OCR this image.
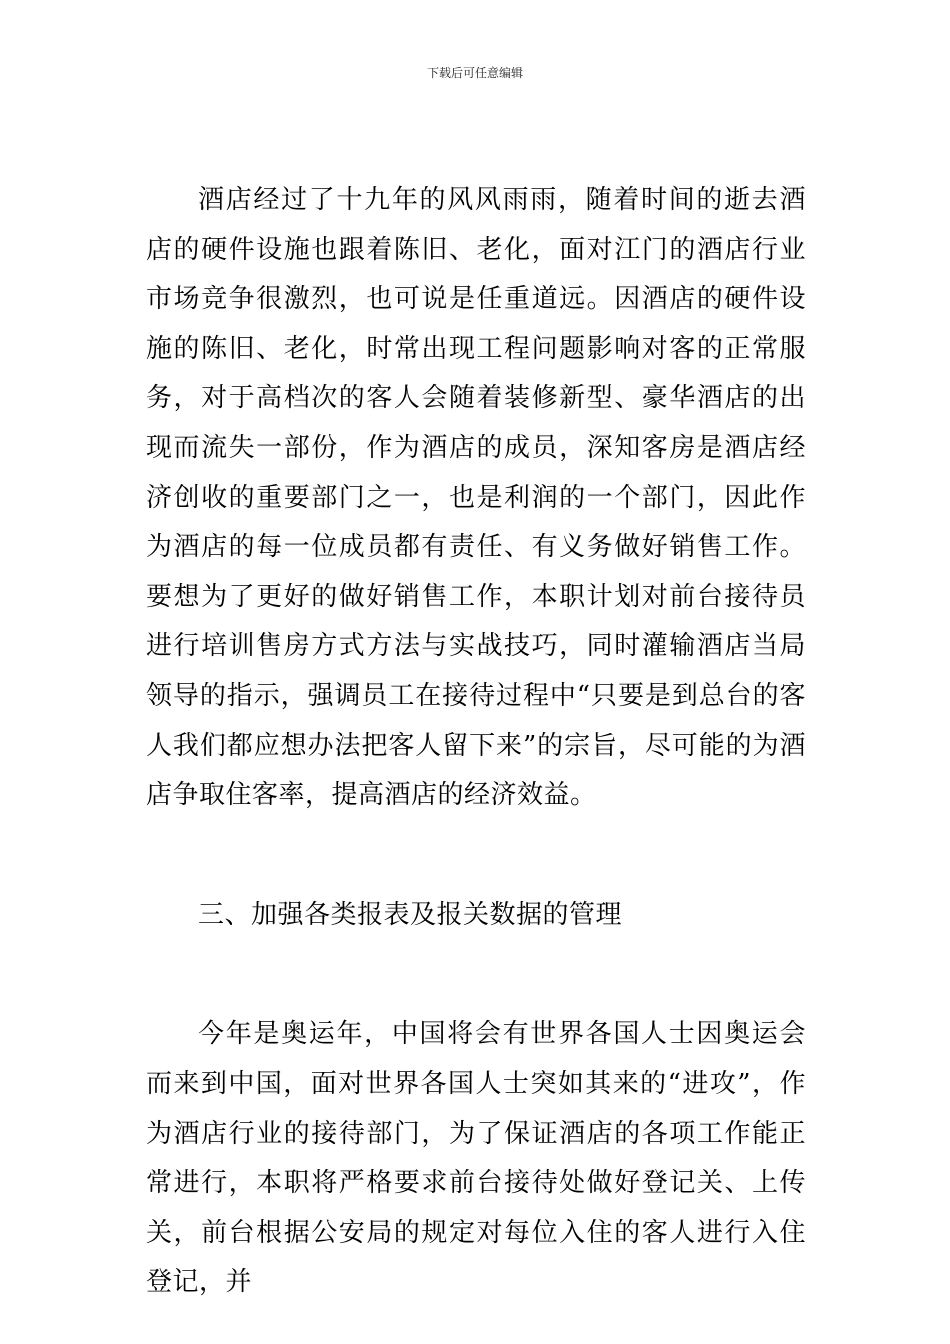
下载后可任意编辑

酒店经过了十九年的风风雨雨，随着时间的逝去酒店的硬件设施也跟着陈旧、老化，面对江门的酒店行业市场竞争很激烈，也可说是任重道远。因酒店的硬件设施的陈旧、老化，时常出现工程问题影响对客的正常服务，对于高档次的客人会随着装修新型、豪华酒店的出现而流失一部份，作为酒店的成员，深知客房是酒店经济创收的重要部门之一，也是利润的一个部门，因此作为酒店的每一位成员都有责任、有义务做好销售工作。要想为了更好的做好销售工作，本职计划对前台接待员进行培训售房方式方法与实战技巧，同时灌输酒店当局领导的指示，强调员工在接待过程中“只要是到总台的客人我们都应想办法把客人留下来”的宗旨，尽可能的为酒店争取住客率，提高酒店的经济效益。

三、加强各类报表及报关数据的管理

今年是奥运年，中国将会有世界各国人士因奥运会而来到中国，面对世界各国人士突如其来的“进攻”，作为酒店行业的接待部门，为了保证酒店的各项工作能正常进行，本职将严格要求前台接待处做好登记关、上传关，前台根据公安局的规定对每位入住的客人进行入住登记，并
